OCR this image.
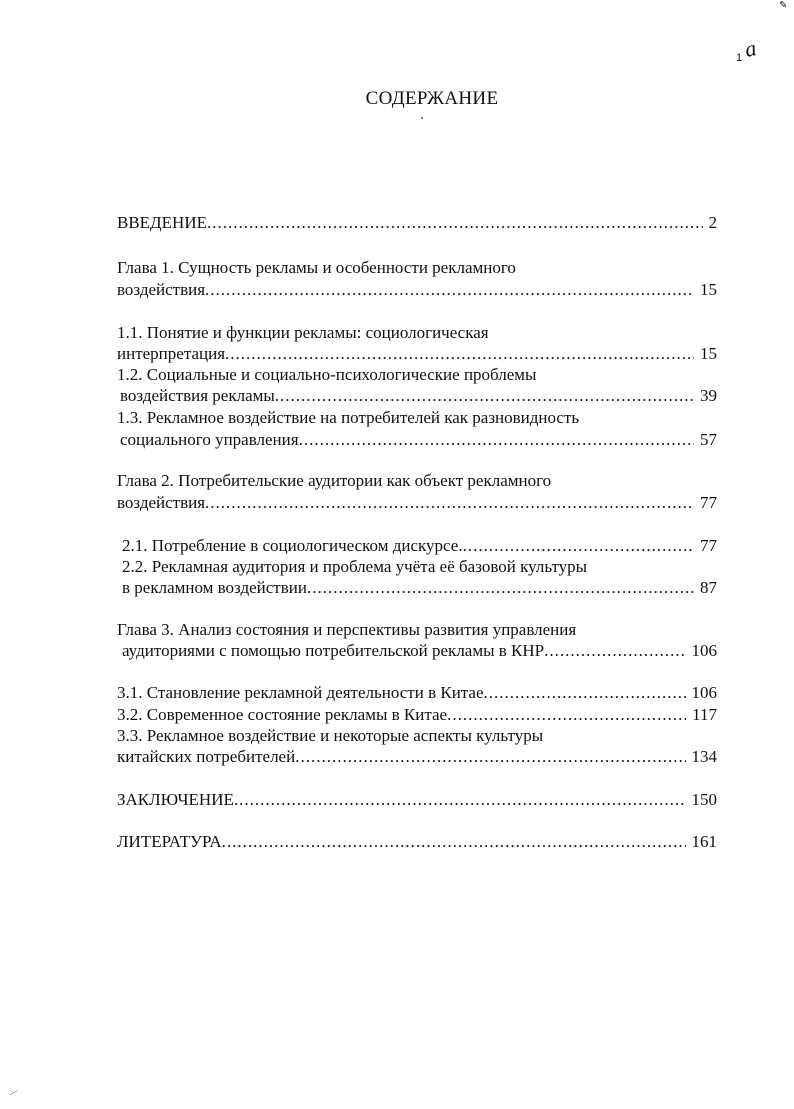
✎
1 а
СОДЕРЖАНИЕ
ВВЕДЕНИЕ .....	2
Глава 1. Сущность рекламы и особенности рекламного
воздействия .....	15
1.1. Понятие и функции рекламы: социологическая
интерпретация .....	15
1.2. Социальные и социально-психологические проблемы
воздействия рекламы .....	39
1.3. Рекламное воздействие на потребителей как разновидность
социального управления .....	57
Глава 2. Потребительские аудитории как объект рекламного
воздействия .....	77
2.1. Потребление в социологическом дискурсе. .....	77
2.2. Рекламная аудитория и проблема учёта её базовой культуры
в рекламном воздействии .....	87
Глава 3. Анализ состояния и перспективы развития управления
аудиториями с помощью потребительской рекламы в КНР .....	106
3.1. Становление рекламной деятельности в Китае .....	106
3.2. Современное состояние рекламы в Китае .....	117
3.3. Рекламное воздействие и некоторые аспекты культуры
китайских потребителей .....	134
ЗАКЛЮЧЕНИЕ .....	150
ЛИТЕРАТУРА .....	161
⟋
